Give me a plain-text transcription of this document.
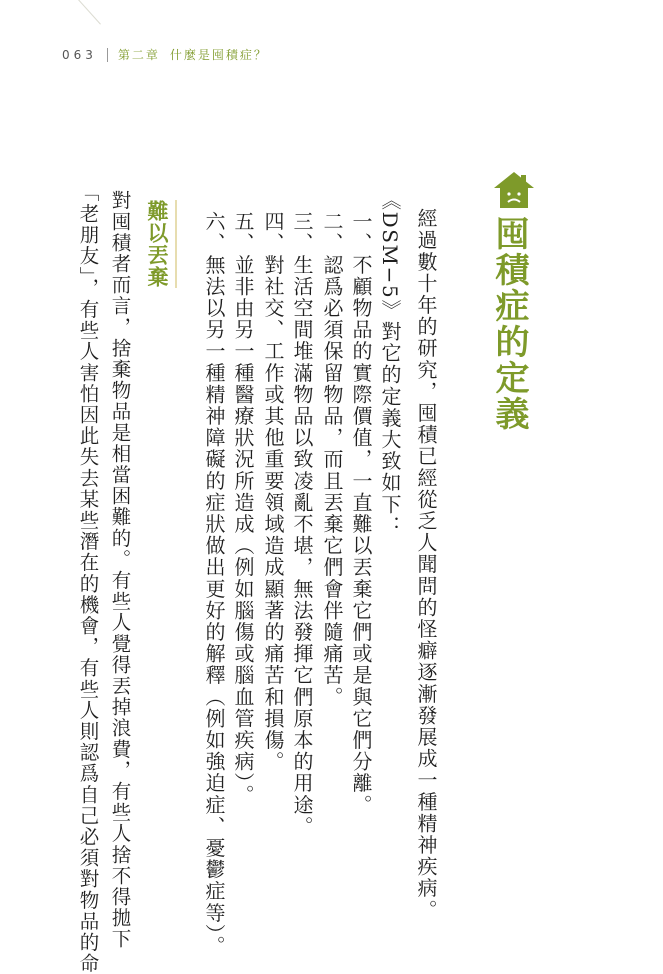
063 第二章 什麼是囤積症？
囤積症的定義
經過數十年的研究，囤積已經從乏人聞問的怪癖逐漸發展成一種精神疾病。
《DSM−5》對它的定義大致如下：
一、不顧物品的實際價值，一直難以丟棄它們或是與它們分離。
二、認爲必須保留物品，而且丟棄它們會伴隨痛苦。
三、生活空間堆滿物品以致凌亂不堪，無法發揮它們原本的用途。
四、對社交、工作或其他重要領域造成顯著的痛苦和損傷。
五、並非由另一種醫療狀況所造成（例如腦傷或腦血管疾病）。
六、無法以另一種精神障礙的症狀做出更好的解釋（例如強迫症、憂鬱症等）。
難以丟棄
對囤積者而言，捨棄物品是相當困難的。有些人覺得丟掉浪費，有些人捨不得拋下
「老朋友」，有些人害怕因此失去某些潛在的機會，有些人則認爲自己必須對物品的命
